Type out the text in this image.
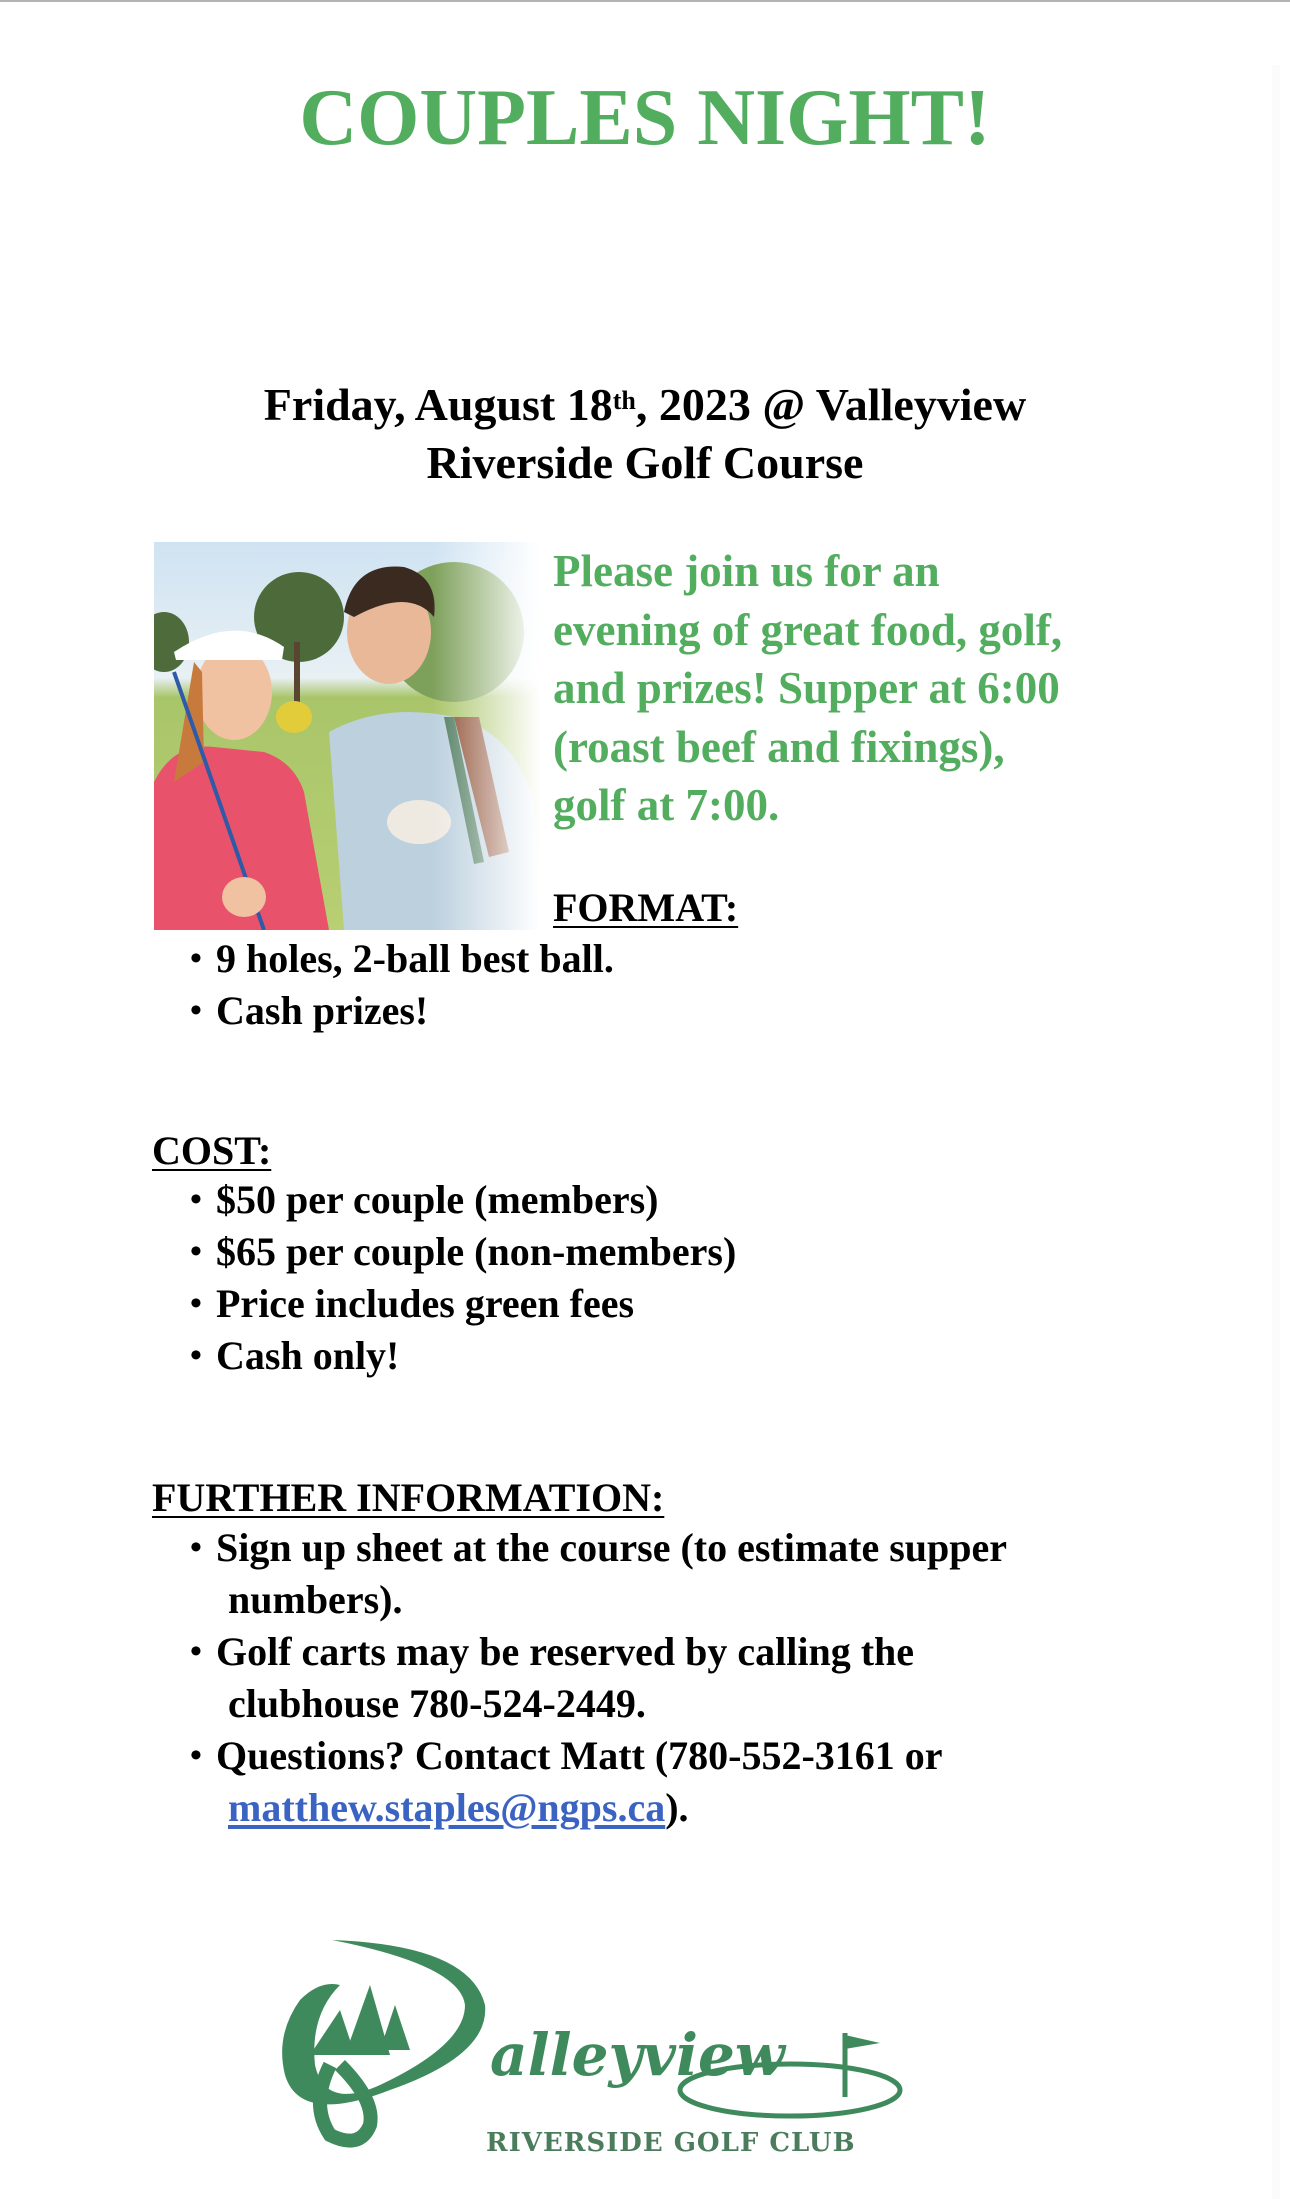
COUPLES NIGHT!
Friday, August 18th, 2023 @ Valleyview
Riverside Golf Course
Please join us for an
evening of great food, golf,
and prizes! Supper at 6:00
(roast beef and fixings),
golf at 7:00.
FORMAT:
• 9 holes, 2-ball best ball.
• Cash prizes!
COST:
• $50 per couple (members)
• $65 per couple (non-members)
• Price includes green fees
• Cash only!
FURTHER INFORMATION:
• Sign up sheet at the course (to estimate supper
numbers).
• Golf carts may be reserved by calling the
clubhouse 780-524-2449.
• Questions? Contact Matt (780-552-3161 or
matthew.staples@ngps.ca).
alleyview
RIVERSIDE GOLF CLUB
